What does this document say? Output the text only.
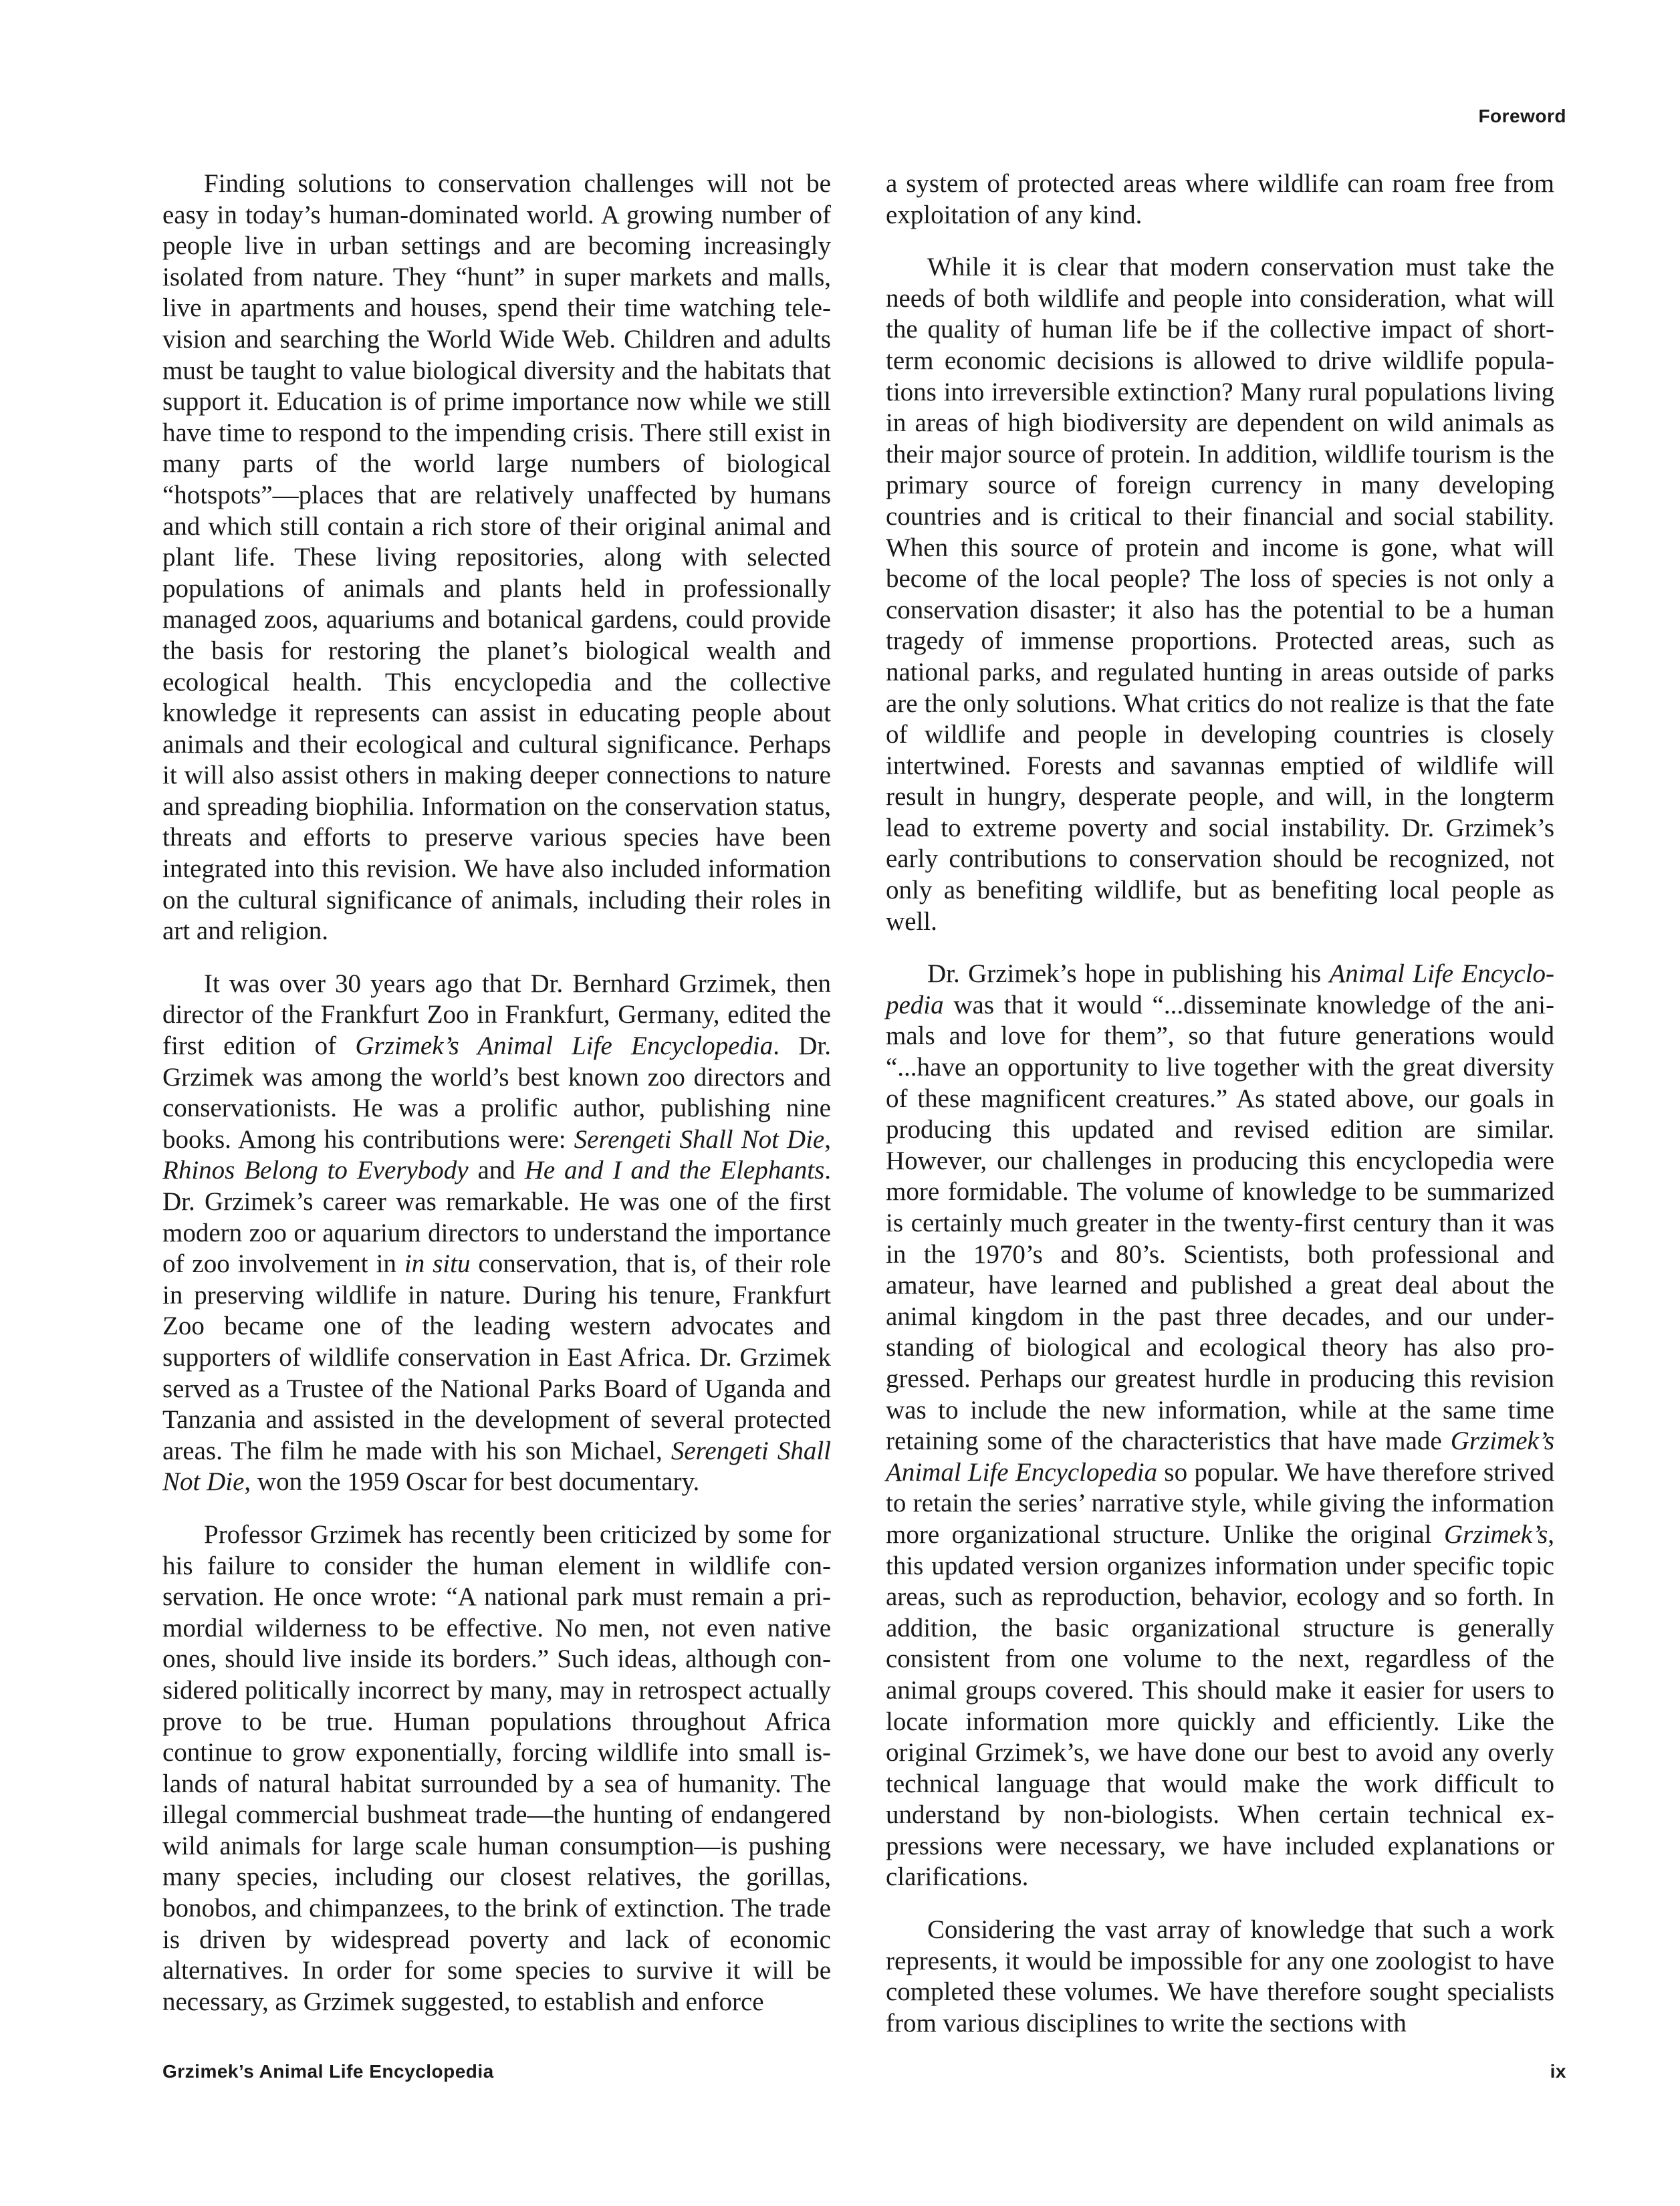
Foreword

Finding solutions to conservation challenges will not be easy in today’s human-dominated world. A growing number of people live in urban settings and are becoming increasingly isolated from nature. They “hunt” in super markets and malls, live in apartments and houses, spend their time watching television and searching the World Wide Web. Children and adults must be taught to value biological diversity and the habitats that support it. Education is of prime importance now while we still have time to respond to the impending crisis. There still exist in many parts of the world large numbers of biological “hotspots”—places that are relatively unaffected by humans and which still contain a rich store of their original animal and plant life. These living repositories, along with selected populations of animals and plants held in professionally managed zoos, aquariums and botanical gardens, could provide the basis for restoring the planet’s biological wealth and ecological health. This encyclopedia and the collective knowledge it represents can assist in educating people about animals and their ecological and cultural significance. Perhaps it will also assist others in making deeper connections to nature and spreading biophilia. Information on the conservation status, threats and efforts to preserve various species have been integrated into this revision. We have also included information on the cultural significance of animals, including their roles in art and religion.

It was over 30 years ago that Dr. Bernhard Grzimek, then director of the Frankfurt Zoo in Frankfurt, Germany, edited the first edition of Grzimek’s Animal Life Encyclopedia. Dr. Grzimek was among the world’s best known zoo directors and conservationists. He was a prolific author, publishing nine books. Among his contributions were: Serengeti Shall Not Die, Rhinos Belong to Everybody and He and I and the Elephants. Dr. Grzimek’s career was remarkable. He was one of the first modern zoo or aquarium directors to understand the importance of zoo involvement in in situ conservation, that is, of their role in preserving wildlife in nature. During his tenure, Frankfurt Zoo became one of the leading western advocates and supporters of wildlife conservation in East Africa. Dr. Grzimek served as a Trustee of the National Parks Board of Uganda and Tanzania and assisted in the development of several protected areas. The film he made with his son Michael, Serengeti Shall Not Die, won the 1959 Oscar for best documentary.

Professor Grzimek has recently been criticized by some for his failure to consider the human element in wildlife conservation. He once wrote: “A national park must remain a primordial wilderness to be effective. No men, not even native ones, should live inside its borders.” Such ideas, although considered politically incorrect by many, may in retrospect actually prove to be true. Human populations throughout Africa continue to grow exponentially, forcing wildlife into small islands of natural habitat surrounded by a sea of humanity. The illegal commercial bushmeat trade—the hunting of endangered wild animals for large scale human consumption—is pushing many species, including our closest relatives, the gorillas, bonobos, and chimpanzees, to the brink of extinction. The trade is driven by widespread poverty and lack of economic alternatives. In order for some species to survive it will be necessary, as Grzimek suggested, to establish and enforce

a system of protected areas where wildlife can roam free from exploitation of any kind.

While it is clear that modern conservation must take the needs of both wildlife and people into consideration, what will the quality of human life be if the collective impact of shortterm economic decisions is allowed to drive wildlife populations into irreversible extinction? Many rural populations living in areas of high biodiversity are dependent on wild animals as their major source of protein. In addition, wildlife tourism is the primary source of foreign currency in many developing countries and is critical to their financial and social stability. When this source of protein and income is gone, what will become of the local people? The loss of species is not only a conservation disaster; it also has the potential to be a human tragedy of immense proportions. Protected areas, such as national parks, and regulated hunting in areas outside of parks are the only solutions. What critics do not realize is that the fate of wildlife and people in developing countries is closely intertwined. Forests and savannas emptied of wildlife will result in hungry, desperate people, and will, in the longterm lead to extreme poverty and social instability. Dr. Grzimek’s early contributions to conservation should be recognized, not only as benefiting wildlife, but as benefiting local people as well.

Dr. Grzimek’s hope in publishing his Animal Life Encyclopedia was that it would “...disseminate knowledge of the animals and love for them”, so that future generations would “...have an opportunity to live together with the great diversity of these magnificent creatures.” As stated above, our goals in producing this updated and revised edition are similar. However, our challenges in producing this encyclopedia were more formidable. The volume of knowledge to be summarized is certainly much greater in the twenty-first century than it was in the 1970’s and 80’s. Scientists, both professional and amateur, have learned and published a great deal about the animal kingdom in the past three decades, and our understanding of biological and ecological theory has also progressed. Perhaps our greatest hurdle in producing this revision was to include the new information, while at the same time retaining some of the characteristics that have made Grzimek’s Animal Life Encyclopedia so popular. We have therefore strived to retain the series’ narrative style, while giving the information more organizational structure. Unlike the original Grzimek’s, this updated version organizes information under specific topic areas, such as reproduction, behavior, ecology and so forth. In addition, the basic organizational structure is generally consistent from one volume to the next, regardless of the animal groups covered. This should make it easier for users to locate information more quickly and efficiently. Like the original Grzimek’s, we have done our best to avoid any overly technical language that would make the work difficult to understand by non-biologists. When certain technical expressions were necessary, we have included explanations or clarifications.

Considering the vast array of knowledge that such a work represents, it would be impossible for any one zoologist to have completed these volumes. We have therefore sought specialists from various disciplines to write the sections with

Grzimek’s Animal Life Encyclopedia	ix
